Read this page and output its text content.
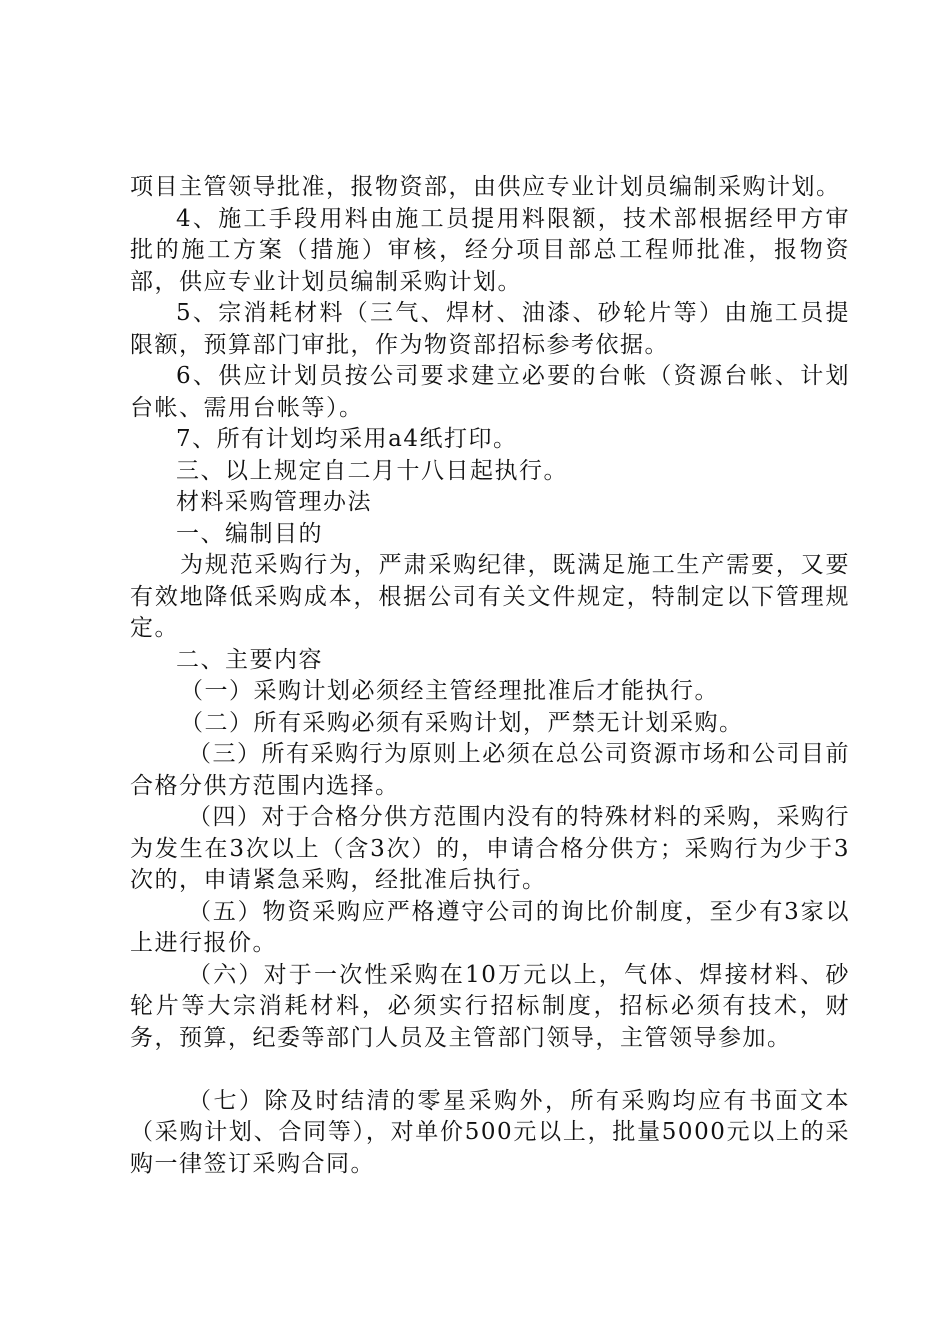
项目主管领导批准，报物资部，由供应专业计划员编制采购计划。

4、施工手段用料由施工员提用料限额，技术部根据经甲方审批的施工方案（措施）审核，经分项目部总工程师批准，报物资部，供应专业计划员编制采购计划。

5、宗消耗材料（三气、焊材、油漆、砂轮片等）由施工员提限额，预算部门审批，作为物资部招标参考依据。

6、供应计划员按公司要求建立必要的台帐（资源台帐、计划台帐、需用台帐等）。

7、所有计划均采用a4纸打印。

三、以上规定自二月十八日起执行。

材料采购管理办法

一、编制目的

为规范采购行为，严肃采购纪律，既满足施工生产需要，又要有效地降低采购成本，根据公司有关文件规定，特制定以下管理规定。

二、主要内容

（一）采购计划必须经主管经理批准后才能执行。

（二）所有采购必须有采购计划，严禁无计划采购。

（三）所有采购行为原则上必须在总公司资源市场和公司目前合格分供方范围内选择。

（四）对于合格分供方范围内没有的特殊材料的采购，采购行为发生在3次以上（含3次）的，申请合格分供方；采购行为少于3次的，申请紧急采购，经批准后执行。

（五）物资采购应严格遵守公司的询比价制度，至少有3家以上进行报价。

（六）对于一次性采购在10万元以上，气体、焊接材料、砂轮片等大宗消耗材料，必须实行招标制度，招标必须有技术，财务，预算，纪委等部门人员及主管部门领导，主管领导参加。

（七）除及时结清的零星采购外，所有采购均应有书面文本（采购计划、合同等），对单价500元以上，批量5000元以上的采购一律签订采购合同。
